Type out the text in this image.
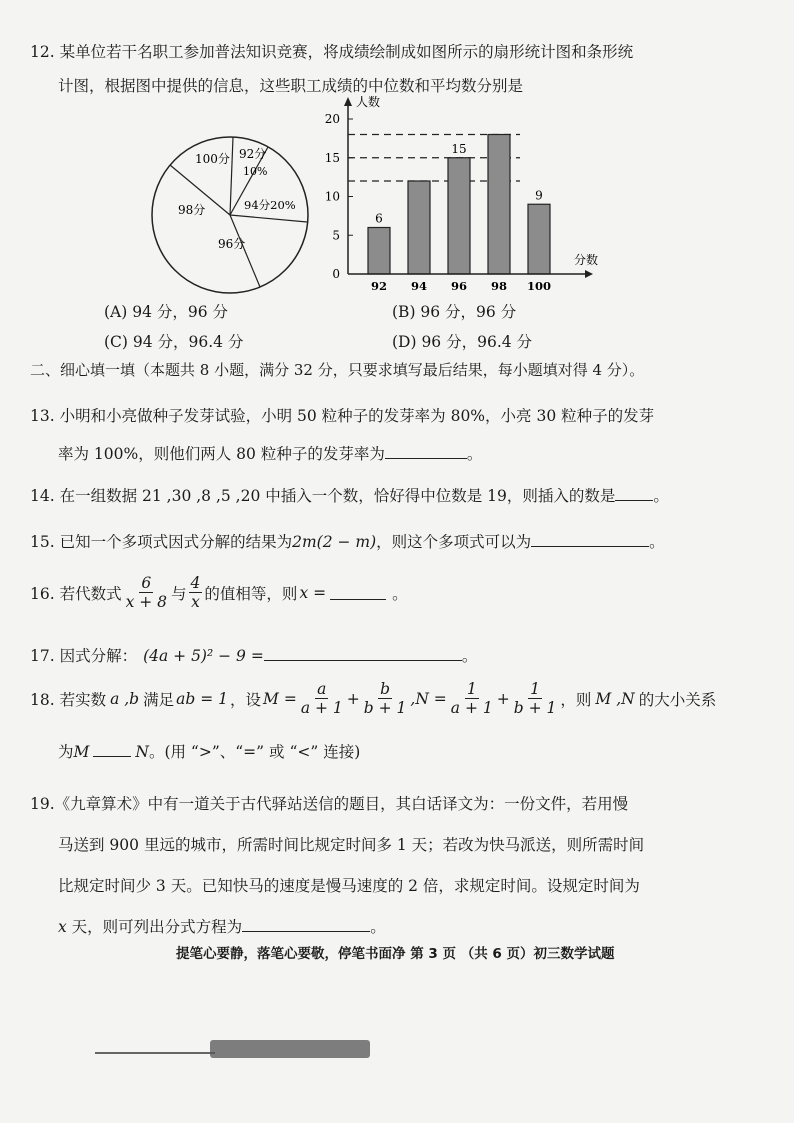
12. 某单位若干名职工参加普法知识竞赛，将成绩绘制成如图所示的扇形统计图和条形统
计图，根据图中提供的信息，这些职工成绩的中位数和平均数分别是
100分 92分
10%
94分20%
96分
98分
0
5
10
15
20
92
6
94 96
15
98 100
9
人数
分数
(A) 94 分，96 分	(B) 96 分，96 分
(C) 94 分，96.4 分	(D) 96 分，96.4 分
二、细心填一填（本题共 8 小题，满分 32 分，只要求填写最后结果，每小题填对得 4 分）。
13. 小明和小亮做种子发芽试验，小明 50 粒种子的发芽率为 80%，小亮 30 粒种子的发芽
率为 100%，则他们两人 80 粒种子的发芽率为	。
14. 在一组数据 21 ,30 ,8 ,5 ,20 中插入一个数，恰好得中位数是 19，则插入的数是 。
15. 已知一个多项式因式分解的结果为2m(2 − m)，则这个多项式可以为	。
16. 若代数式 $\frac{6}{x + 8}$ 与 $\frac{4}{x}$ 的值相等，则 x =	。
17. 因式分解： (4a + 5)² − 9 =	。
18. 若实数 a ,b 满足 ab = 1 ，设 $M = \frac{a}{a + 1} + \frac{b}{b + 1} ,N = \frac{1}{a + 1} + \frac{1}{b + 1}$ ，则 M ,N 的大小关系
为M	N。(用 “>”、“=” 或 “<” 连接)
19.《九章算术》中有一道关于古代驿站送信的题目，其白话译文为：一份文件，若用慢
马送到 900 里远的城市，所需时间比规定时间多 1 天；若改为快马派送，则所需时间
比规定时间少 3 天。已知快马的速度是慢马速度的 2 倍，求规定时间。设规定时间为
x 天，则可列出分式方程为	。
提笔心要静，落笔心要敬，停笔书面净 第 3 页 （共 6 页）初三数学试题
